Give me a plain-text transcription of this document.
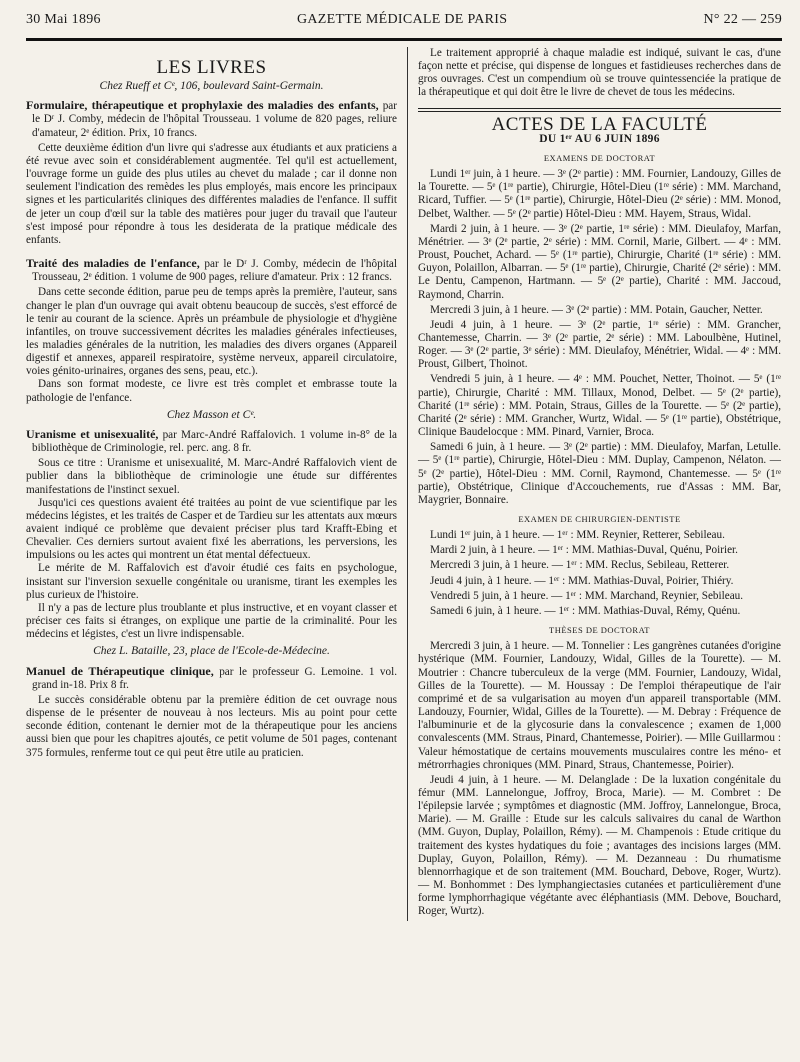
30 Mai 1896	GAZETTE MÉDICALE DE PARIS	N° 22 — 259
LES LIVRES
Chez Rueff et Cᵉ, 106, boulevard Saint-Germain.
Formulaire, thérapeutique et prophylaxie des maladies des enfants, par le Dʳ J. Comby, médecin de l'hôpital Trousseau. 1 volume de 820 pages, reliure d'amateur, 2ᵉ édition. Prix, 10 francs.

Cette deuxième édition d'un livre qui s'adresse aux étudiants et aux praticiens a été revue avec soin et considérablement augmentée. Tel qu'il est actuellement, l'ouvrage forme un guide des plus utiles au chevet du malade ; car il donne non seulement l'indication des remèdes les plus employés, mais encore les principaux signes et les particularités cliniques des différentes maladies de l'enfance. Il suffit de jeter un coup d'œil sur la table des matières pour juger du travail que l'auteur s'est imposé pour répondre à tous les desiderata de la pratique médicale des enfants.

Traité des maladies de l'enfance, par le Dʳ J. Comby, médecin de l'hôpital Trousseau, 2ᵉ édition. 1 volume de 900 pages, reliure d'amateur. Prix : 12 francs.

Dans cette seconde édition, parue peu de temps après la première, l'auteur, sans changer le plan d'un ouvrage qui avait obtenu beaucoup de succès, s'est efforcé de le tenir au courant de la science. Après un préambule de physiologie et d'hygiène infantiles, on trouve successivement décrites les maladies générales infectieuses, les maladies générales de la nutrition, les maladies des divers organes (Appareil digestif et annexes, appareil respiratoire, système nerveux, appareil circulatoire, voies génito-urinaires, organes des sens, peau, etc.).

Dans son format modeste, ce livre est très complet et embrasse toute la pathologie de l'enfance.

Chez Masson et Cᵉ.
Uranisme et unisexualité, par Marc-André Raffalovich. 1 volume in-8° de la bibliothèque de Criminologie, rel. perc. ang. 8 fr.

Sous ce titre : Uranisme et unisexualité, M. Marc-André Raffalovich vient de publier dans la bibliothèque de criminologie une étude sur différentes manifestations de l'instinct sexuel.

Jusqu'ici ces questions avaient été traitées au point de vue scientifique par les médecins légistes, et les traités de Casper et de Tardieu sur les attentats aux mœurs avaient indiqué ce problème que devaient préciser plus tard Krafft-Ebing et Chevalier. Ces derniers surtout avaient fixé les aberrations, les perversions, les impulsions ou les actes qui montrent un état mental défectueux.

Le mérite de M. Raffalovich est d'avoir étudié ces faits en psychologue, insistant sur l'inversion sexuelle congénitale ou uranisme, tirant les exemples les plus curieux de l'histoire.

Il n'y a pas de lecture plus troublante et plus instructive, et en voyant classer et préciser ces faits si étranges, on explique une partie de la criminalité. Pour les médecins et légistes, c'est un livre indispensable.

Chez L. Bataille, 23, place de l'Ecole-de-Médecine.
Manuel de Thérapeutique clinique, par le professeur G. Lemoine. 1 vol. grand in-18. Prix 8 fr.

Le succès considérable obtenu par la première édition de cet ouvrage nous dispense de le présenter de nouveau à nos lecteurs. Mis au point pour cette seconde édition, contenant le dernier mot de la thérapeutique pour les anciens aussi bien que pour les chapitres ajoutés, ce petit volume de 501 pages, contenant 375 formules, renferme tout ce qui peut être utile au praticien.

Le traitement approprié à chaque maladie est indiqué, suivant le cas, d'une façon nette et précise, qui dispense de longues et fastidieuses recherches dans de gros ouvrages. C'est un compendium où se trouve quintessenciée la pratique de la thérapeutique et qui doit être le livre de chevet de tous les médecins.

ACTES DE LA FACULTÉ
DU 1ᵉʳ AU 6 JUIN 1896
EXAMENS DE DOCTORAT

Lundi 1ᵉʳ juin, à 1 heure. — 3ᵉ (2ᵉ partie) : MM. Fournier, Landouzy, Gilles de la Tourette. — 5ᵉ (1ʳᵉ partie), Chirurgie, Hôtel-Dieu (1ʳᵉ série) : MM. Marchand, Ricard, Tuffier. — 5ᵉ (1ʳᵉ partie), Chirurgie, Hôtel-Dieu (2ᵉ série) : MM. Monod, Delbet, Walther. — 5ᵉ (2ᵉ partie) Hôtel-Dieu : MM. Hayem, Straus, Widal.

Mardi 2 juin, à 1 heure. — 3ᵉ (2ᵉ partie, 1ʳᵉ série) : MM. Dieulafoy, Marfan, Ménétrier. — 3ᵉ (2ᵉ partie, 2ᵉ série) : MM. Cornil, Marie, Gilbert. — 4ᵉ : MM. Proust, Pouchet, Achard. — 5ᵉ (1ʳᵉ partie), Chirurgie, Charité (1ʳᵉ série) : MM. Guyon, Polaillon, Albarran. — 5ᵉ (1ʳᵉ partie), Chirurgie, Charité (2ᵉ série) : MM. Le Dentu, Campenon, Hartmann. — 5ᵉ (2ᵉ partie), Charité : MM. Jaccoud, Raymond, Charrin.

Mercredi 3 juin, à 1 heure. — 3ᵉ (2ᵉ partie) : MM. Potain, Gaucher, Netter.

Jeudi 4 juin, à 1 heure. — 3ᵉ (2ᵉ partie, 1ʳᵉ série) : MM. Grancher, Chantemesse, Charrin. — 3ᵉ (2ᵉ partie, 2ᵉ série) : MM. Laboulbène, Hutinel, Roger. — 3ᵉ (2ᵉ partie, 3ᵉ série) : MM. Dieulafoy, Ménétrier, Widal. — 4ᵉ : MM. Proust, Gilbert, Thoinot.

Vendredi 5 juin, à 1 heure. — 4ᵉ : MM. Pouchet, Netter, Thoinot. — 5ᵉ (1ʳᵉ partie), Chirurgie, Charité : MM. Tillaux, Monod, Delbet. — 5ᵉ (2ᵉ partie), Charité (1ʳᵉ série) : MM. Potain, Straus, Gilles de la Tourette. — 5ᵉ (2ᵉ partie), Charité (2ᵉ série) : MM. Grancher, Wurtz, Widal. — 5ᵉ (1ʳᵉ partie), Obstétrique, Clinique Baudelocque : MM. Pinard, Varnier, Broca.

Samedi 6 juin, à 1 heure. — 3ᵉ (2ᵉ partie) : MM. Dieulafoy, Marfan, Letulle. — 5ᵉ (1ʳᵉ partie), Chirurgie, Hôtel-Dieu : MM. Duplay, Campenon, Nélaton. — 5ᵉ (2ᵉ partie), Hôtel-Dieu : MM. Cornil, Raymond, Chantemesse. — 5ᵉ (1ʳᵉ partie), Obstétrique, Clinique d'Accouchements, rue d'Assas : MM. Bar, Maygrier, Bonnaire.

EXAMEN DE CHIRURGIEN-DENTISTE

Lundi 1ᵉʳ juin, à 1 heure. — 1ᵉʳ : MM. Reynier, Retterer, Sebileau.

Mardi 2 juin, à 1 heure. — 1ᵉʳ : MM. Mathias-Duval, Quénu, Poirier.

Mercredi 3 juin, à 1 heure. — 1ᵉʳ : MM. Reclus, Sebileau, Retterer.

Jeudi 4 juin, à 1 heure. — 1ᵉʳ : MM. Mathias-Duval, Poirier, Thiéry.

Vendredi 5 juin, à 1 heure. — 1ᵉʳ : MM. Marchand, Reynier, Sebileau.

Samedi 6 juin, à 1 heure. — 1ᵉʳ : MM. Mathias-Duval, Rémy, Quénu.

THÈSES DE DOCTORAT

Mercredi 3 juin, à 1 heure. — M. Tonnelier : Les gangrènes cutanées d'origine hystérique (MM. Fournier, Landouzy, Widal, Gilles de la Tourette). — M. Moutrier : Chancre tuberculeux de la verge (MM. Fournier, Landouzy, Widal, Gilles de la Tourette). — M. Houssay : De l'emploi thérapeutique de l'air comprimé et de sa vulgarisation au moyen d'un appareil transportable (MM. Landouzy, Fournier, Widal, Gilles de la Tourette). — M. Debray : Fréquence de l'albuminurie et de la glycosurie dans la convalescence ; examen de 1,000 convalescents (MM. Straus, Pinard, Chantemesse, Poirier). — Mlle Guillarmou : Valeur hémostatique de certains mouvements musculaires contre les méno- et métrorrhagies chroniques (MM. Pinard, Straus, Chantemesse, Poirier).

Jeudi 4 juin, à 1 heure. — M. Delanglade : De la luxation congénitale du fémur (MM. Lannelongue, Joffroy, Broca, Marie). — M. Combret : De l'épilepsie larvée ; symptômes et diagnostic (MM. Joffroy, Lannelongue, Broca, Marie). — M. Graille : Etude sur les calculs salivaires du canal de Warthon (MM. Guyon, Duplay, Polaillon, Rémy). — M. Champenois : Etude critique du traitement des kystes hydatiques du foie ; avantages des incisions larges (MM. Duplay, Guyon, Polaillon, Rémy). — M. Dezanneau : Du rhumatisme blennorrhagique et de son traitement (MM. Bouchard, Debove, Roger, Wurtz). — M. Bonhommet : Des lymphangiectasies cutanées et particulièrement d'une forme lymphorrhagique végétante avec éléphantiasis (MM. Debove, Bouchard, Roger, Wurtz).
